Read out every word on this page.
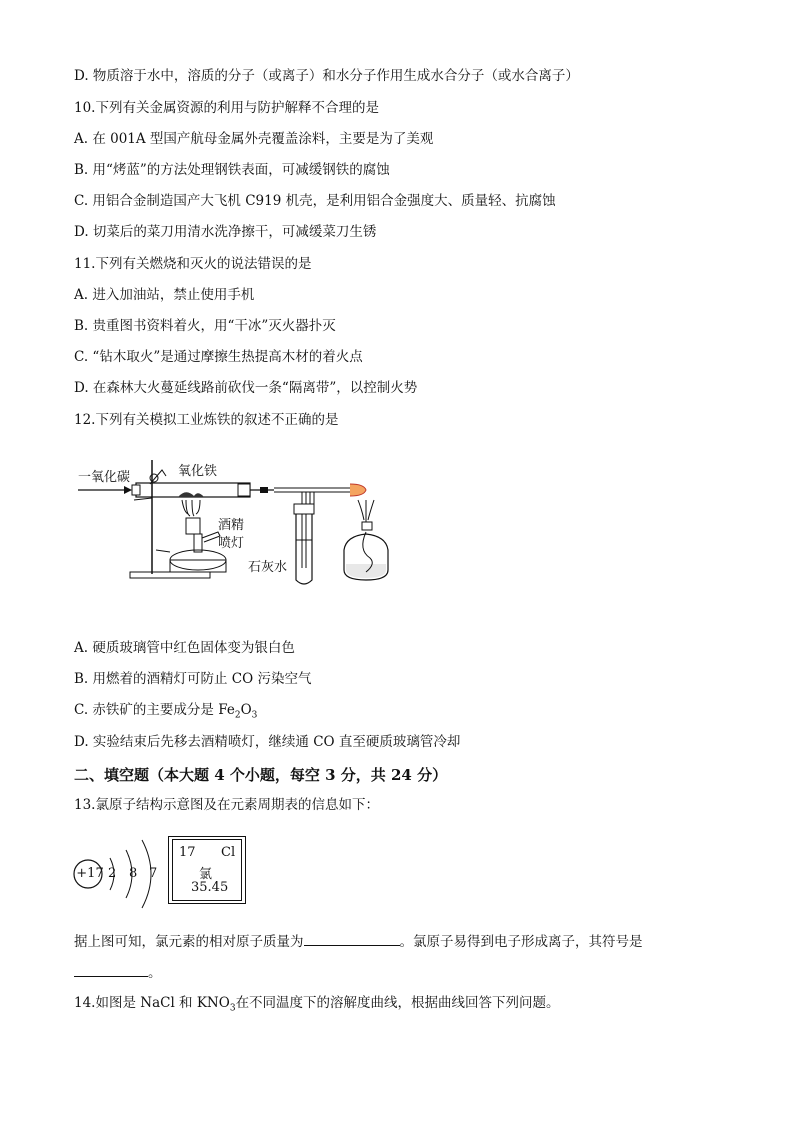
D. 物质溶于水中，溶质的分子（或离子）和水分子作用生成水合分子（或水合离子）
10.下列有关金属资源的利用与防护解释不合理的是
A. 在 001A 型国产航母金属外壳覆盖涂料，主要是为了美观
B. 用“烤蓝”的方法处理钢铁表面，可减缓钢铁的腐蚀
C. 用铝合金制造国产大飞机 C919 机壳，是利用铝合金强度大、质量轻、抗腐蚀
D. 切菜后的菜刀用清水洗净擦干，可减缓菜刀生锈
11.下列有关燃烧和灭火的说法错误的是
A. 进入加油站，禁止使用手机
B. 贵重图书资料着火，用“干冰”灭火器扑灭
C. “钻木取火”是通过摩擦生热提高木材的着火点
D. 在森林大火蔓延线路前砍伐一条“隔离带”，以控制火势
12.下列有关模拟工业炼铁的叙述不正确的是
一氧化碳	氧化铁
酒精
喷灯
石灰水
A. 硬质玻璃管中红色固体变为银白色
B. 用燃着的酒精灯可防止 CO 污染空气
C. 赤铁矿的主要成分是 $Fe_2O_3$
D. 实验结束后先移去酒精喷灯，继续通 CO 直至硬质玻璃管冷却
二、填空题（本大题 4 个小题，每空 3 分，共 24 分）
13.氯原子结构示意图及在元素周期表的信息如下：
+17 2 8 7
17 Cl
氯
35.45
据上图可知，氯元素的相对原子质量为	。氯原子易得到电子形成离子，其符号是
。
14.如图是 NaCl 和 $KNO_3$在不同温度下的溶解度曲线，根据曲线回答下列问题。
